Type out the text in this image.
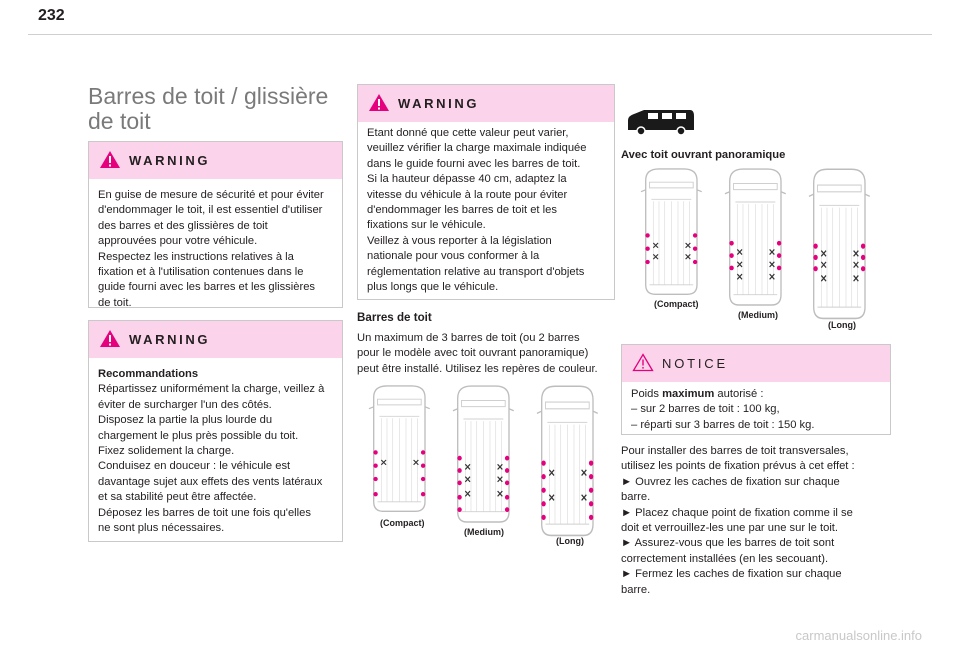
232
Barres de toit / glissière de toit
WARNING
En guise de mesure de sécurité et pour éviter
d'endommager le toit, il est essentiel d'utiliser
des barres et des glissières de toit
approuvées pour votre véhicule.
Respectez les instructions relatives à la
fixation et à l'utilisation contenues dans le
guide fourni avec les barres et les glissières
de toit.
WARNING
Recommandations
Répartissez uniformément la charge, veillez à
éviter de surcharger l'un des côtés.
Disposez la partie la plus lourde du
chargement le plus près possible du toit.
Fixez solidement la charge.
Conduisez en douceur : le véhicule est
davantage sujet aux effets des vents latéraux
et sa stabilité peut être affectée.
Déposez les barres de toit une fois qu'elles
ne sont plus nécessaires.
WARNING
Etant donné que cette valeur peut varier,
veuillez vérifier la charge maximale indiquée
dans le guide fourni avec les barres de toit.
Si la hauteur dépasse 40 cm, adaptez la
vitesse du véhicule à la route pour éviter
d'endommager les barres de toit et les
fixations sur le véhicule.
Veillez à vous reporter à la législation
nationale pour vous conformer à la
réglementation relative au transport d'objets
plus longs que le véhicule.
Barres de toit
Un maximum de 3 barres de toit (ou 2 barres
pour le modèle avec toit ouvrant panoramique)
peut être installé. Utilisez les repères de couleur.
(Compact)
(Medium)
(Long)
Avec toit ouvrant panoramique
(Compact)
(Medium)
(Long)
NOTICE
Poids maximum autorisé :
– sur 2 barres de toit : 100 kg,
– réparti sur 3 barres de toit : 150 kg.
Pour installer des barres de toit transversales,
utilisez les points de fixation prévus à cet effet :
► Ouvrez les caches de fixation sur chaque
barre.
► Placez chaque point de fixation comme il se
doit et verrouillez-les une par une sur le toit.
► Assurez-vous que les barres de toit sont
correctement installées (en les secouant).
► Fermez les caches de fixation sur chaque
barre.
carmanualsonline.info
